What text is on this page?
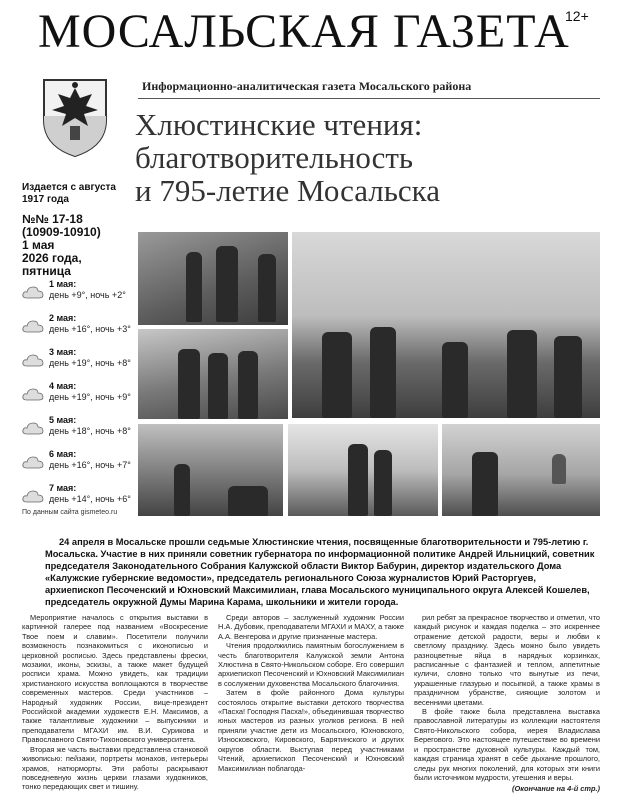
МОСАЛЬСКАЯ ГАЗЕТА
12+
Информационно-аналитическая газета Мосальского района
Хлюстинские чтения:
благотворительность
и 795-летие Мосальска
Издается с августа 1917 года
№№ 17-18
(10909-10910)
1 мая
2026 года,
пятница
1 мая:
день +9°, ночь +2°
2 мая:
день +16°, ночь +3°
3 мая:
день +19°, ночь +8°
4 мая:
день +19°, ночь +9°
5 мая:
день +18°, ночь +8°
6 мая:
день +16°, ночь +7°
7 мая:
день +14°, ночь +6°
По данным сайта gismeteo.ru
24 апреля в Мосальске прошли седьмые Хлюстинские чтения, посвященные благотворительности и 795-летию г. Мосальска. Участие в них приняли советник губернатора по информационной политике Андрей Ильницкий, советник председателя Законодательного Собрания Калужской области Виктор Бабурин, директор издательского Дома «Калужские губернские ведомости», председатель регионального Союза журналистов Юрий Расторгуев, архиепископ Песоченский и Юхновский Максимилиан, глава Мосальского муниципального округа Алексей Кошелев, председатель окружной Думы Марина Карама, школьники и жители города.

Мероприятие началось с открытия выставки в картинной галерее под названием «Воскресение Твое поем и славим». Посетители получили возможность познакомиться с иконописью и церковной росписью. Здесь представлены фрески, мозаики, иконы, эскизы, а также макет будущей росписи храма. Можно увидеть, как традиции христианского искусства воплощаются в творчестве современных мастеров. Среди участников – Народный художник России, вице-президент Российской академии художеств Е.Н. Максимов, а также талантливые художники – выпускники и преподаватели МГАХИ им. В.И. Сурикова и Православного Свято-Тихоновского университета.

Вторая же часть выставки представлена станковой живописью: пейзажи, портреты монахов, интерьеры храмов, натюрморты. Эти работы раскрывают повседневную жизнь церкви глазами художников, тонко передающих свет и тишину.

Среди авторов – заслуженный художник России Н.А. Дубовик, преподаватели МГАХИ и МАХУ, а также А.А. Венгерова и другие признанные мастера.

Чтения продолжились памятным богослужением в честь благотворителя Калужской земли Антона Хлюстина в Свято-Никольском соборе. Его совершил архиепископ Песоченский и Юхновский Максимилиан в сослужении духовенства Мосальского благочиния.

Затем в фойе районного Дома культуры состоялось открытие выставки детского творчества «Пасха! Господня Пасха!», объединившая творчество юных мастеров из разных уголков региона. В ней приняли участие дети из Мосальского, Юхновского, Износковского, Кировского, Барятинского и других округов области. Выступая перед участниками Чтений, архиепископ Песоченский и Юхновский Максимилиан поблагода-

рил ребят за прекрасное творчество и отметил, что каждый рисунок и каждая поделка – это искреннее отражение детской радости, веры и любви к светлому празднику. Здесь можно было увидеть разноцветные яйца в нарядных корзинках, расписанные с фантазией и теплом, аппетитные куличи, словно только что вынутые из печи, украшенные глазурью и посыпкой, а также храмы в праздничном убранстве, сияющие золотом и весенними цветами.

В фойе также была представлена выставка православной литературы из коллекции настоятеля Свято-Никольского собора, иерея Владислава Берегового. Это настоящее путешествие во времени и пространстве духовной культуры. Каждый том, каждая страница хранят в себе дыхание прошлого, следы рук многих поколений, для которых эти книги были источником мудрости, утешения и веры.

(Окончание на 4-й стр.)
